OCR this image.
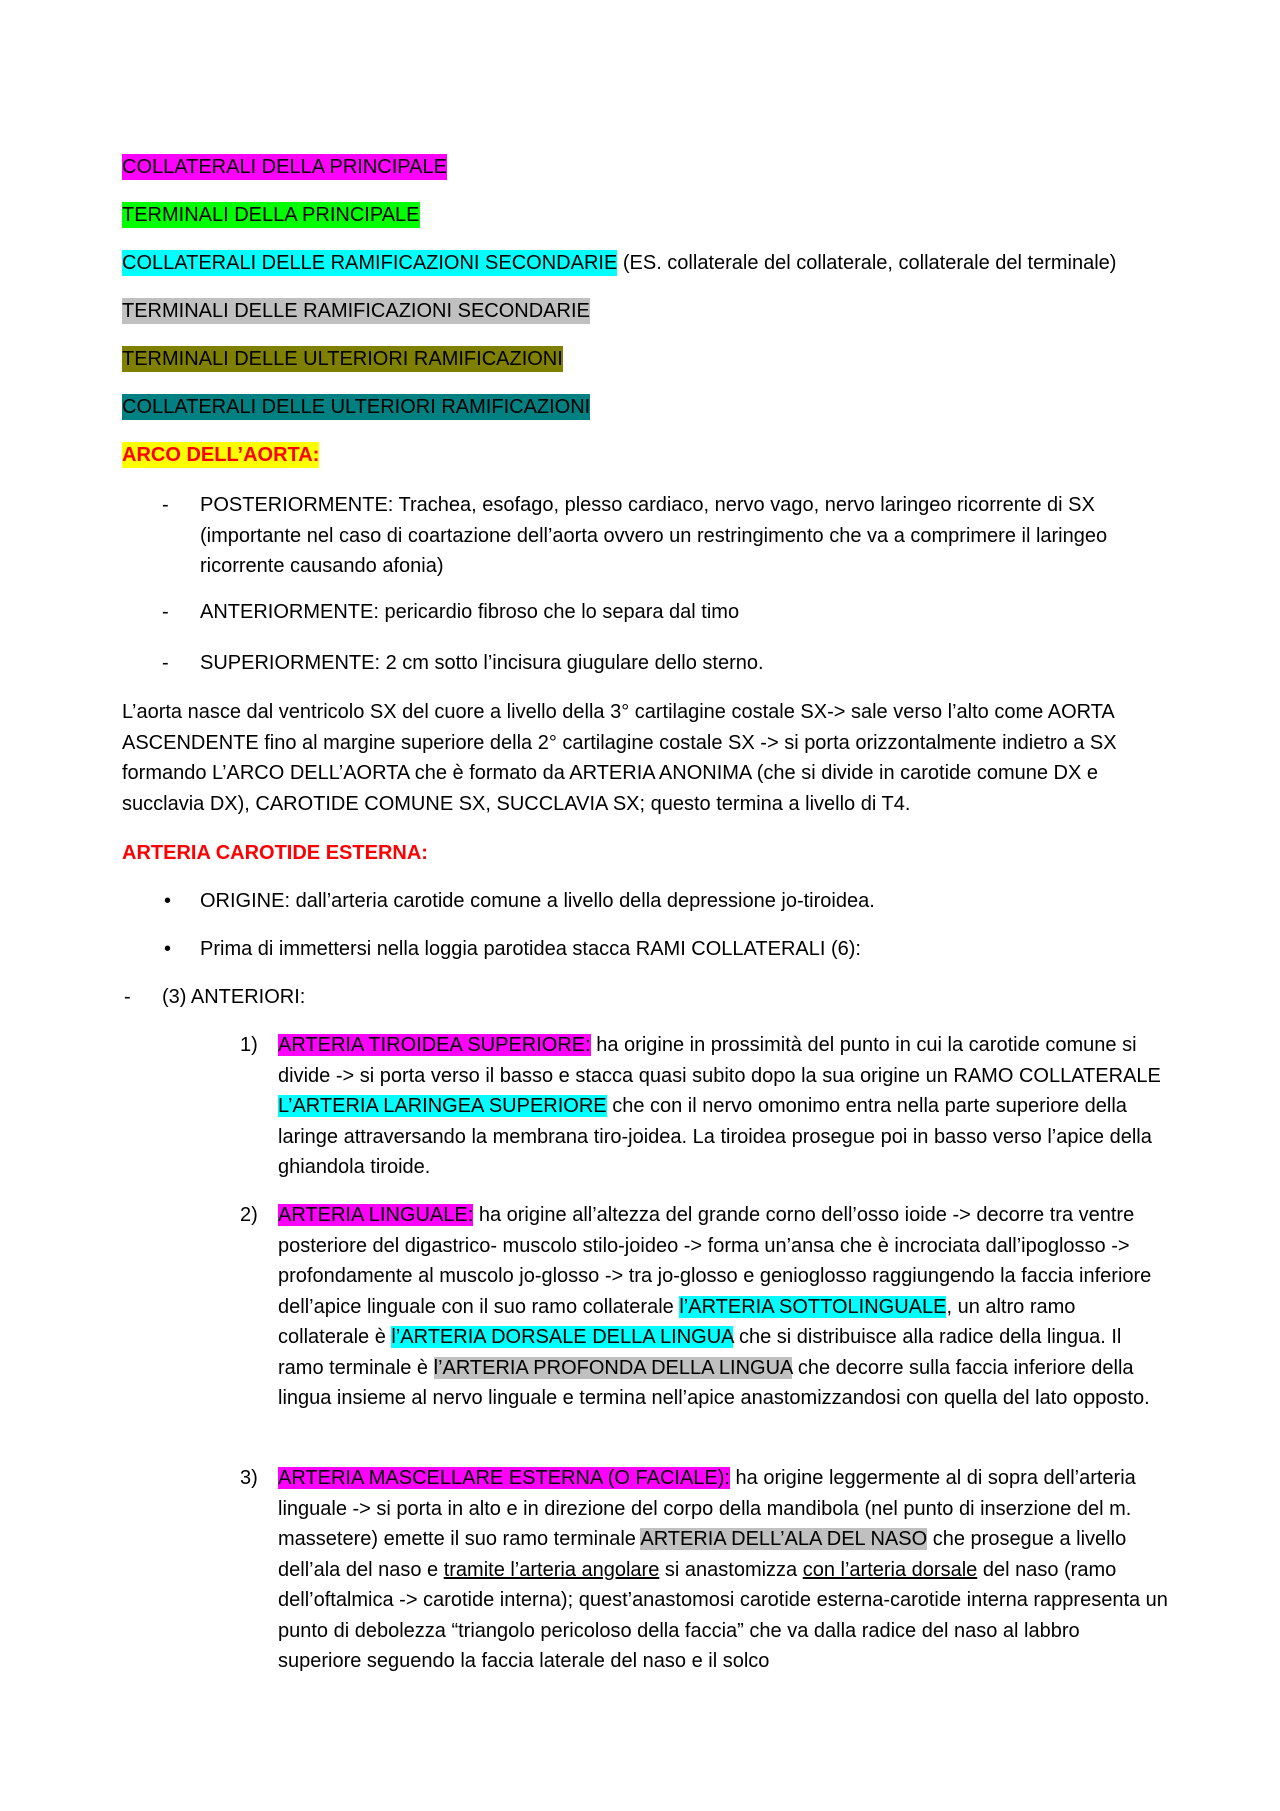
COLLATERALI DELLA PRINCIPALE
TERMINALI DELLA PRINCIPALE
COLLATERALI DELLE RAMIFICAZIONI SECONDARIE (ES. collaterale del collaterale, collaterale del terminale)
TERMINALI DELLE RAMIFICAZIONI SECONDARIE
TERMINALI DELLE ULTERIORI RAMIFICAZIONI
COLLATERALI DELLE ULTERIORI RAMIFICAZIONI
ARCO DELL’AORTA:
- POSTERIORMENTE: Trachea, esofago, plesso cardiaco, nervo vago, nervo laringeo ricorrente di SX (importante nel caso di coartazione dell’aorta ovvero un restringimento che va a comprimere il laringeo ricorrente causando afonia)
- ANTERIORMENTE: pericardio fibroso che lo separa dal timo
- SUPERIORMENTE: 2 cm sotto l’incisura giugulare dello sterno.
L’aorta nasce dal ventricolo SX del cuore a livello della 3° cartilagine costale SX-> sale verso l’alto come AORTA ASCENDENTE fino al margine superiore della 2° cartilagine costale SX -> si porta orizzontalmente indietro a SX formando L’ARCO DELL’AORTA che è formato da ARTERIA ANONIMA (che si divide in carotide comune DX e succlavia DX), CAROTIDE COMUNE SX, SUCCLAVIA SX; questo termina a livello di T4.
ARTERIA CAROTIDE ESTERNA:
• ORIGINE: dall’arteria carotide comune a livello della depressione jo-tiroidea.
• Prima di immettersi nella loggia parotidea stacca RAMI COLLATERALI (6):
- (3) ANTERIORI:
1) ARTERIA TIROIDEA SUPERIORE: ha origine in prossimità del punto in cui la carotide comune si divide -> si porta verso il basso e stacca quasi subito dopo la sua origine un RAMO COLLATERALE L’ARTERIA LARINGEA SUPERIORE che con il nervo omonimo entra nella parte superiore della laringe attraversando la membrana tiro-joidea. La tiroidea prosegue poi in basso verso l’apice della ghiandola tiroide.
2) ARTERIA LINGUALE: ha origine all’altezza del grande corno dell’osso ioide -> decorre tra ventre posteriore del digastrico- muscolo stilo-joideo -> forma un’ansa che è incrociata dall’ipoglosso -> profondamente al muscolo jo-glosso -> tra jo-glosso e genioglosso raggiungendo la faccia inferiore dell’apice linguale con il suo ramo collaterale l’ARTERIA SOTTOLINGUALE, un altro ramo collaterale è l’ARTERIA DORSALE DELLA LINGUA che si distribuisce alla radice della lingua. Il ramo terminale è l’ARTERIA PROFONDA DELLA LINGUA che decorre sulla faccia inferiore della lingua insieme al nervo linguale e termina nell’apice anastomizzandosi con quella del lato opposto.
3) ARTERIA MASCELLARE ESTERNA (O FACIALE): ha origine leggermente al di sopra dell’arteria linguale -> si porta in alto e in direzione del corpo della mandibola (nel punto di inserzione del m. massetere) emette il suo ramo terminale ARTERIA DELL’ALA DEL NASO che prosegue a livello dell’ala del naso e tramite l’arteria angolare si anastomizza con l’arteria dorsale del naso (ramo dell’oftalmica -> carotide interna); quest’anastomosi carotide esterna-carotide interna rappresenta un punto di debolezza “triangolo pericoloso della faccia” che va dalla radice del naso al labbro superiore seguendo la faccia laterale del naso e il solco
